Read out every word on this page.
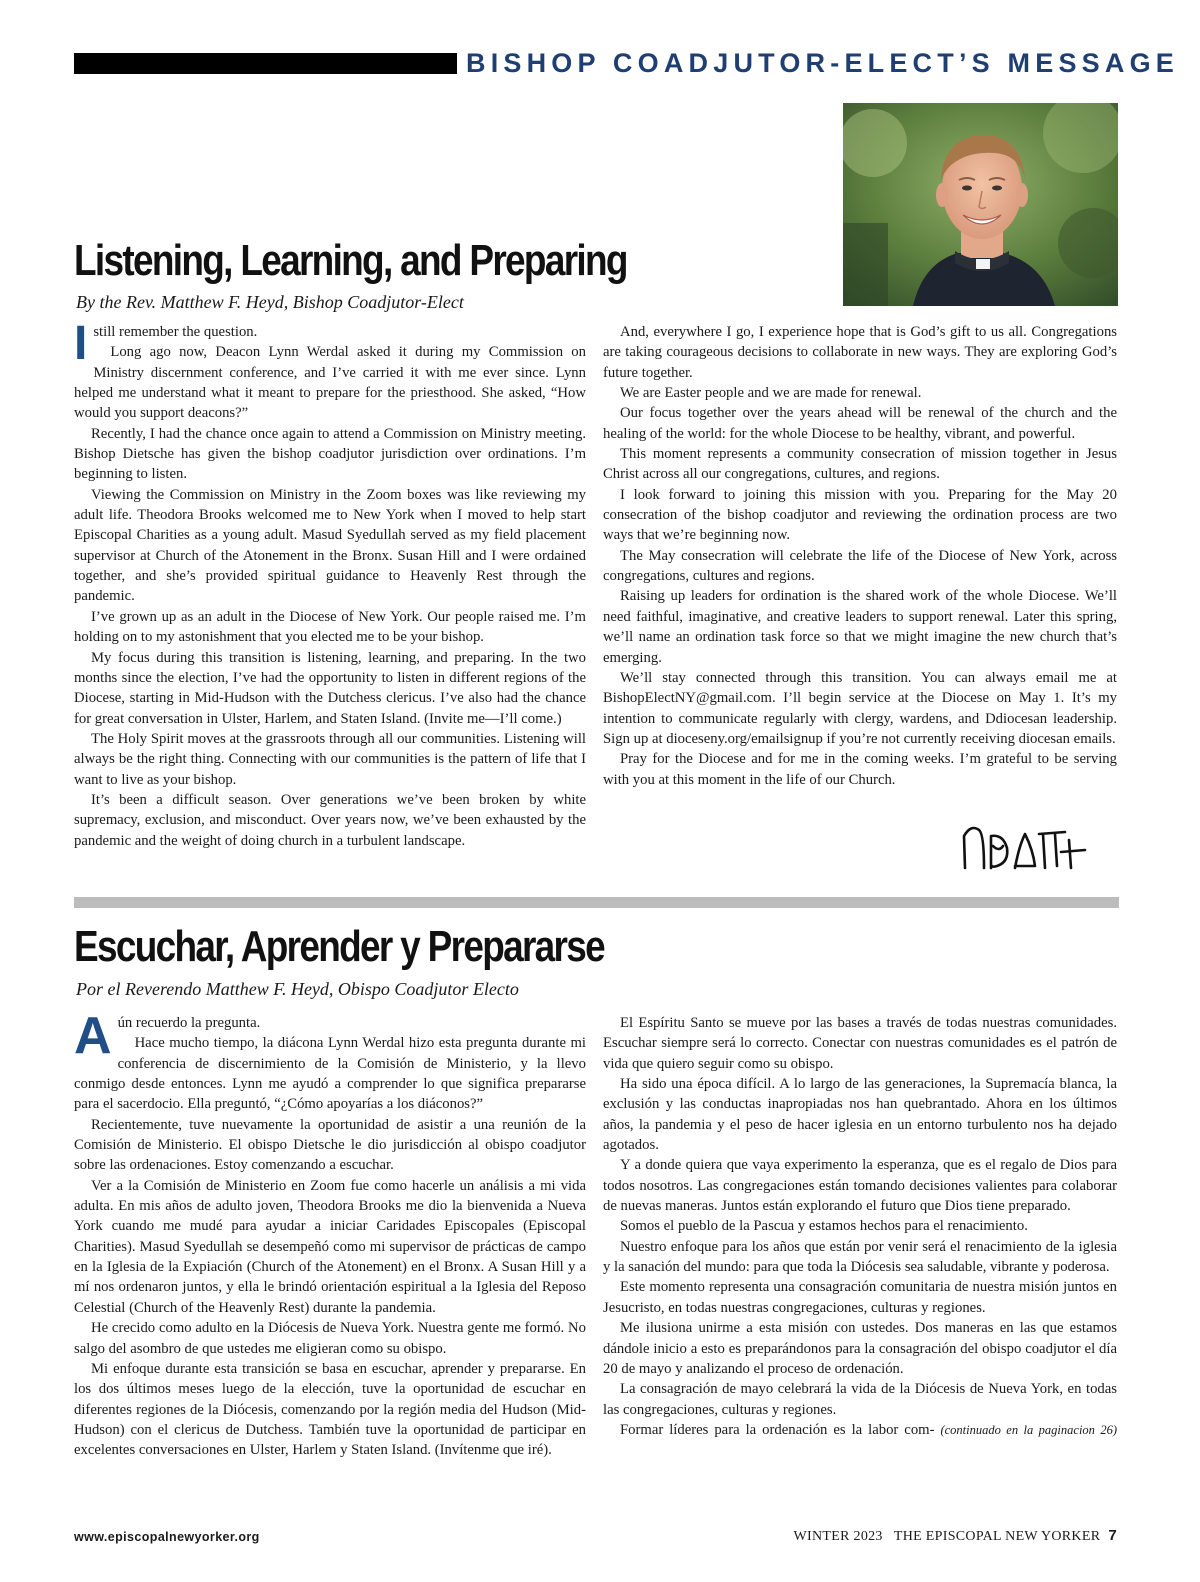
BISHOP COADJUTOR-ELECT’S MESSAGE
Listening, Learning, and Preparing
By the Rev. Matthew F. Heyd, Bishop Coadjutor-Elect

I still remember the question.

Long ago now, Deacon Lynn Werdal asked it during my Commission on Ministry discernment conference, and I’ve carried it with me ever since. Lynn helped me understand what it meant to prepare for the priesthood. She asked, “How would you support deacons?”

Recently, I had the chance once again to attend a Commission on Ministry meeting. Bishop Dietsche has given the bishop coadjutor jurisdiction over ordinations. I’m beginning to listen.

Viewing the Commission on Ministry in the Zoom boxes was like reviewing my adult life. Theodora Brooks welcomed me to New York when I moved to help start Episcopal Charities as a young adult. Masud Syedullah served as my field placement supervisor at Church of the Atonement in the Bronx. Susan Hill and I were ordained together, and she’s provided spiritual guidance to Heavenly Rest through the pandemic.

I’ve grown up as an adult in the Diocese of New York. Our people raised me. I’m holding on to my astonishment that you elected me to be your bishop.

My focus during this transition is listening, learning, and preparing. In the two months since the election, I’ve had the opportunity to listen in different regions of the Diocese, starting in Mid-Hudson with the Dutchess clericus. I’ve also had the chance for great conversation in Ulster, Harlem, and Staten Island. (Invite me—I’ll come.)

The Holy Spirit moves at the grassroots through all our communities. Listening will always be the right thing. Connecting with our communities is the pattern of life that I want to live as your bishop.

It’s been a difficult season. Over generations we’ve been broken by white supremacy, exclusion, and misconduct. Over years now, we’ve been exhausted by the pandemic and the weight of doing church in a turbulent landscape.

And, everywhere I go, I experience hope that is God’s gift to us all. Congregations are taking courageous decisions to collaborate in new ways. They are exploring God’s future together.

We are Easter people and we are made for renewal.

Our focus together over the years ahead will be renewal of the church and the healing of the world: for the whole Diocese to be healthy, vibrant, and powerful.

This moment represents a community consecration of mission together in Jesus Christ across all our congregations, cultures, and regions.

I look forward to joining this mission with you. Preparing for the May 20 consecration of the bishop coadjutor and reviewing the ordination process are two ways that we’re beginning now.

The May consecration will celebrate the life of the Diocese of New York, across congregations, cultures and regions.

Raising up leaders for ordination is the shared work of the whole Diocese. We’ll need faithful, imaginative, and creative leaders to support renewal. Later this spring, we’ll name an ordination task force so that we might imagine the new church that’s emerging.

We’ll stay connected through this transition. You can always email me at BishopElectNY@gmail.com. I’ll begin service at the Diocese on May 1. It’s my intention to communicate regularly with clergy, wardens, and Ddiocesan leadership. Sign up at dioceseny.org/emailsignup if you’re not currently receiving diocesan emails.

Pray for the Diocese and for me in the coming weeks. I’m grateful to be serving with you at this moment in the life of our Church.

Escuchar, Aprender y Prepararse
Por el Reverendo Matthew F. Heyd, Obispo Coadjutor Electo

Aún recuerdo la pregunta.

Hace mucho tiempo, la diácona Lynn Werdal hizo esta pregunta durante mi conferencia de discernimiento de la Comisión de Ministerio, y la llevo conmigo desde entonces. Lynn me ayudó a comprender lo que significa prepararse para el sacerdocio. Ella preguntó, “¿Cómo apoyarías a los diáconos?”

Recientemente, tuve nuevamente la oportunidad de asistir a una reunión de la Comisión de Ministerio. El obispo Dietsche le dio jurisdicción al obispo coadjutor sobre las ordenaciones. Estoy comenzando a escuchar.

Ver a la Comisión de Ministerio en Zoom fue como hacerle un análisis a mi vida adulta. En mis años de adulto joven, Theodora Brooks me dio la bienvenida a Nueva York cuando me mudé para ayudar a iniciar Caridades Episcopales (Episcopal Charities). Masud Syedullah se desempeñó como mi supervisor de prácticas de campo en la Iglesia de la Expiación (Church of the Atonement) en el Bronx. A Susan Hill y a mí nos ordenaron juntos, y ella le brindó orientación espiritual a la Iglesia del Reposo Celestial (Church of the Heavenly Rest) durante la pandemia.

He crecido como adulto en la Diócesis de Nueva York. Nuestra gente me formó. No salgo del asombro de que ustedes me eligieran como su obispo.

Mi enfoque durante esta transición se basa en escuchar, aprender y prepararse. En los dos últimos meses luego de la elección, tuve la oportunidad de escuchar en diferentes regiones de la Diócesis, comenzando por la región media del Hudson (Mid-Hudson) con el clericus de Dutchess. También tuve la oportunidad de participar en excelentes conversaciones en Ulster, Harlem y Staten Island. (Invítenme que iré).

El Espíritu Santo se mueve por las bases a través de todas nuestras comunidades. Escuchar siempre será lo correcto. Conectar con nuestras comunidades es el patrón de vida que quiero seguir como su obispo.

Ha sido una época difícil. A lo largo de las generaciones, la Supremacía blanca, la exclusión y las conductas inapropiadas nos han quebrantado. Ahora en los últimos años, la pandemia y el peso de hacer iglesia en un entorno turbulento nos ha dejado agotados.

Y a donde quiera que vaya experimento la esperanza, que es el regalo de Dios para todos nosotros. Las congregaciones están tomando decisiones valientes para colaborar de nuevas maneras. Juntos están explorando el futuro que Dios tiene preparado.

Somos el pueblo de la Pascua y estamos hechos para el renacimiento.

Nuestro enfoque para los años que están por venir será el renacimiento de la iglesia y la sanación del mundo: para que toda la Diócesis sea saludable, vibrante y poderosa.

Este momento representa una consagración comunitaria de nuestra misión juntos en Jesucristo, en todas nuestras congregaciones, culturas y regiones.

Me ilusiona unirme a esta misión con ustedes. Dos maneras en las que estamos dándole inicio a esto es preparándonos para la consagración del obispo coadjutor el día 20 de mayo y analizando el proceso de ordenación.

La consagración de mayo celebrará la vida de la Diócesis de Nueva York, en todas las congregaciones, culturas y regiones.

Formar líderes para la ordenación es la labor com- (continuado en la paginacion 26)

www.episcopalnewyorker.org	WINTER 2023   THE EPISCOPAL NEW YORKER 7
